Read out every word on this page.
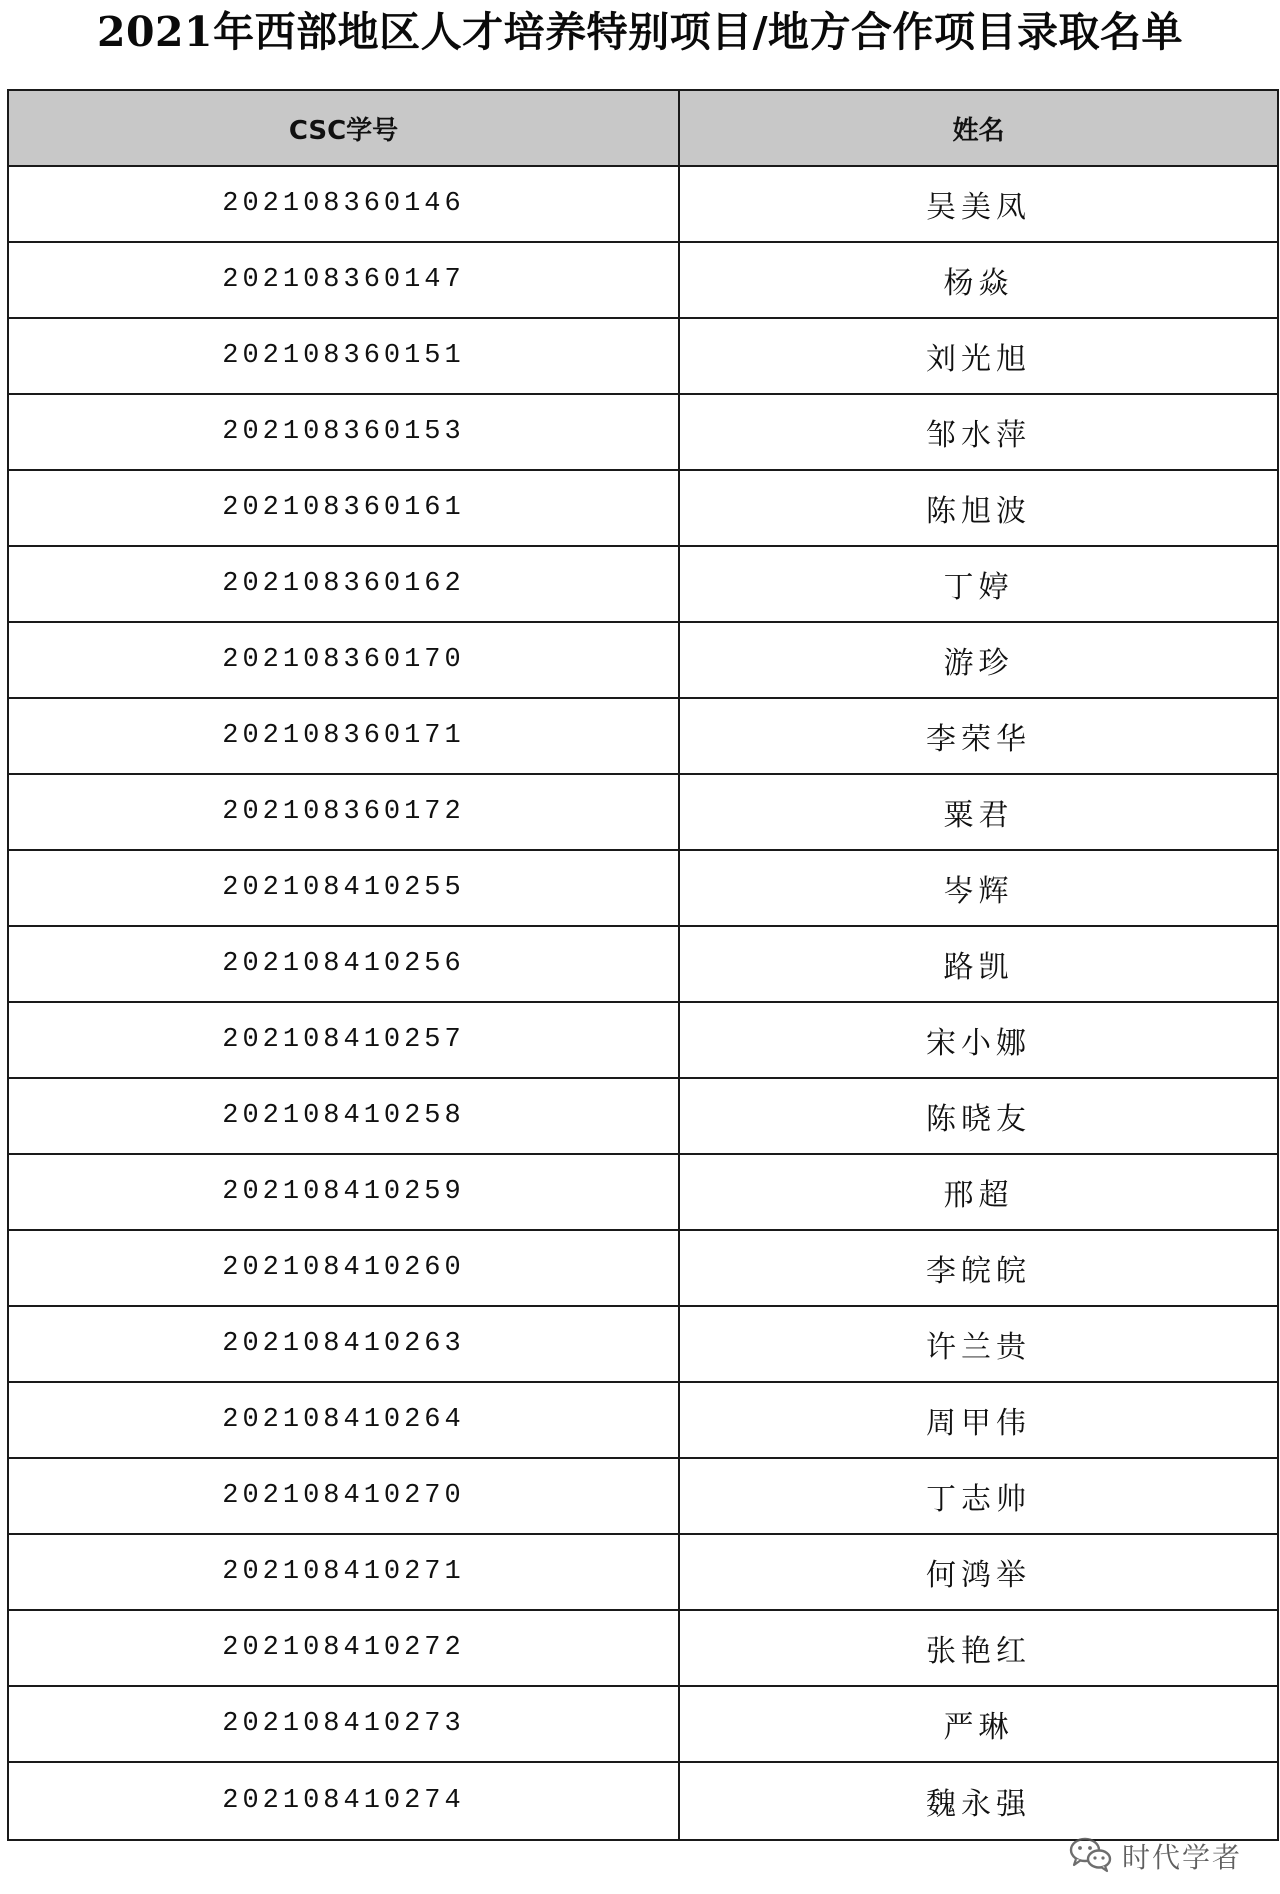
2021年西部地区人才培养特别项目/地方合作项目录取名单
CSC学号	姓名
202108360146	吴美凤
202108360147	杨焱
202108360151	刘光旭
202108360153	邹水萍
202108360161	陈旭波
202108360162	丁婷
202108360170	游珍
202108360171	李荣华
202108360172	粟君
202108410255	岑辉
202108410256	路凯
202108410257	宋小娜
202108410258	陈晓友
202108410259	邢超
202108410260	李皖皖
202108410263	许兰贵
202108410264	周甲伟
202108410270	丁志帅
202108410271	何鸿举
202108410272	张艳红
202108410273	严琳
202108410274	魏永强
时代学者
